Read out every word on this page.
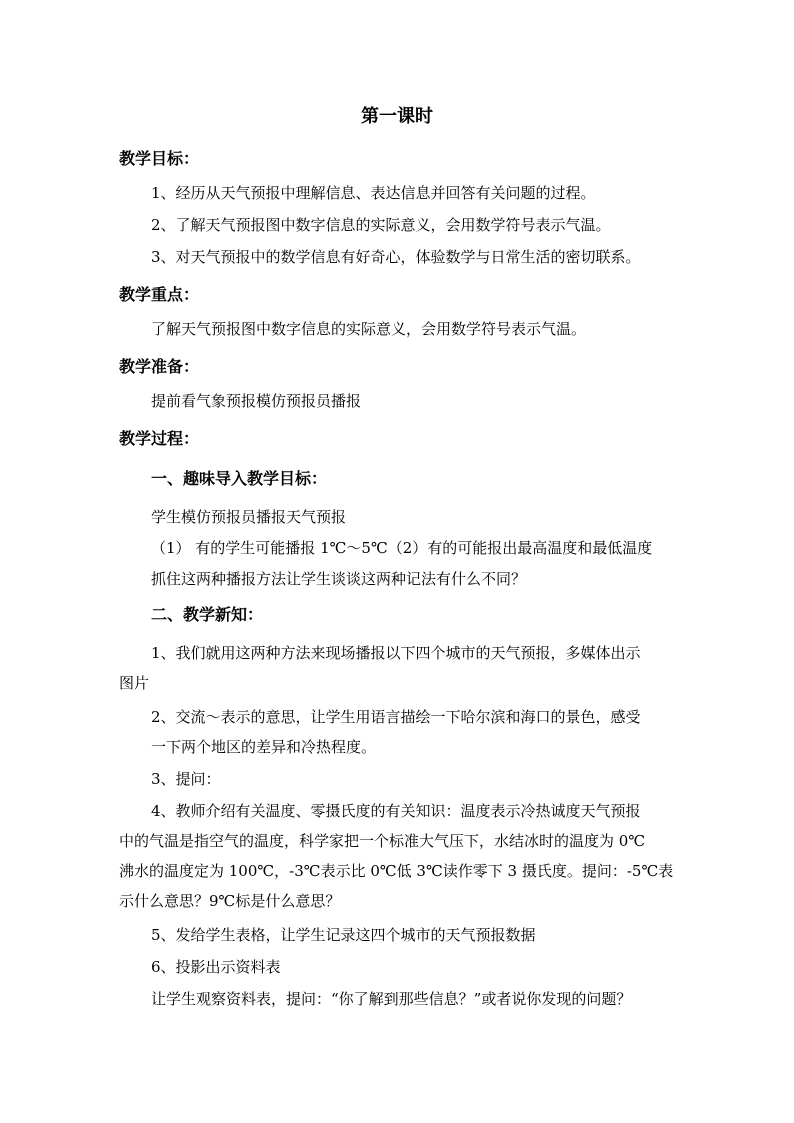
第一课时
教学目标：
1、经历从天气预报中理解信息、表达信息并回答有关问题的过程。
2、了解天气预报图中数字信息的实际意义，会用数学符号表示气温。
3、对天气预报中的数学信息有好奇心，体验数学与日常生活的密切联系。
教学重点：
了解天气预报图中数字信息的实际意义，会用数学符号表示气温。
教学准备：
提前看气象预报模仿预报员播报
教学过程：
一、趣味导入教学目标：
学生模仿预报员播报天气预报
（1） 有的学生可能播报 1℃～5℃（2）有的可能报出最高温度和最低温度
抓住这两种播报方法让学生谈谈这两种记法有什么不同？
二、教学新知：
1、我们就用这两种方法来现场播报以下四个城市的天气预报，多媒体出示
图片
2、交流～表示的意思，让学生用语言描绘一下哈尔滨和海口的景色，感受
一下两个地区的差异和冷热程度。
3、提问：
4、教师介绍有关温度、零摄氏度的有关知识：温度表示冷热诚度天气预报
中的气温是指空气的温度，科学家把一个标准大气压下，水结冰时的温度为 0℃
沸水的温度定为 100℃，-3℃表示比 0℃低 3℃读作零下 3 摄氏度。提问：-5℃表
示什么意思？9℃标是什么意思？
5、发给学生表格，让学生记录这四个城市的天气预报数据
6、投影出示资料表
让学生观察资料表，提问：“你了解到那些信息？”或者说你发现的问题？
